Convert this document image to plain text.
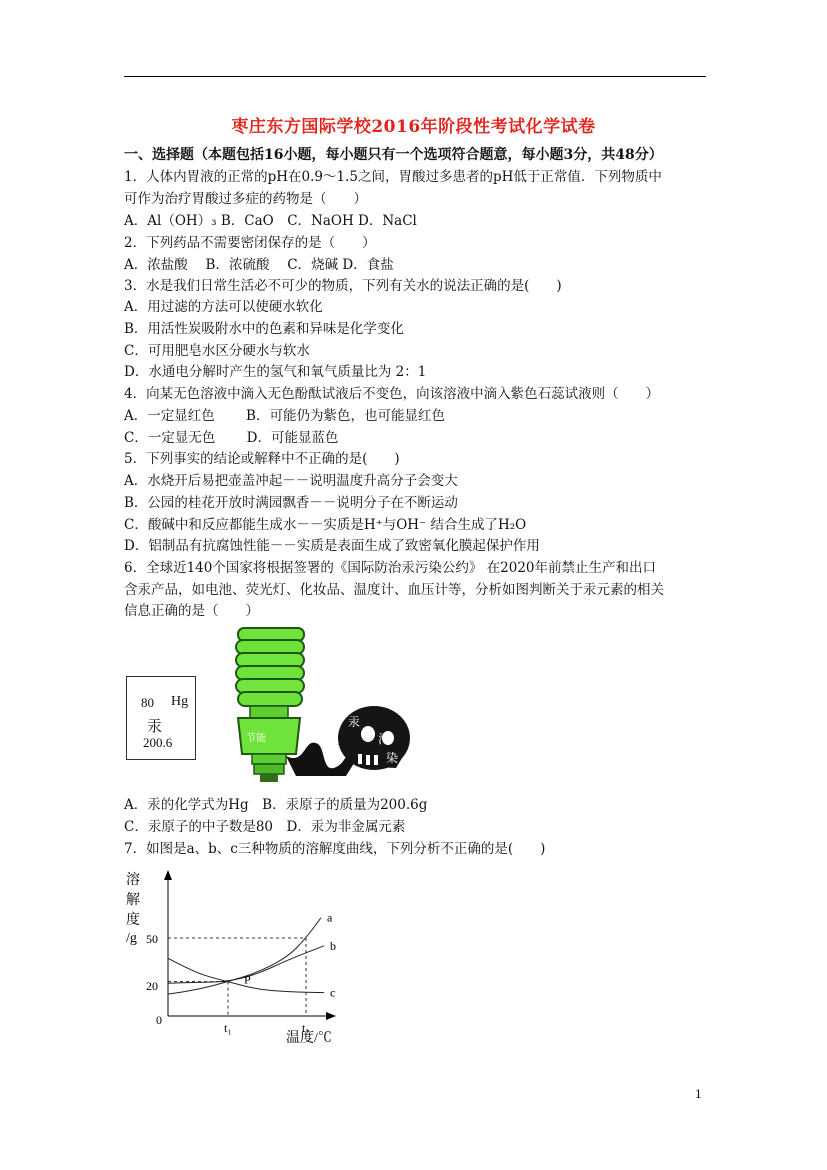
枣庄东方国际学校2016年阶段性考试化学试卷
一、选择题（本题包括16小题，每小题只有一个选项符合题意，每小题3分，共48分）
1．人体内胃液的正常的pH在0.9～1.5之间，胃酸过多患者的pH低于正常值．下列物质中
可作为治疗胃酸过多症的药物是（　　）
A．Al（OH）₃ B．CaO　C．NaOH D．NaCl
2．下列药品不需要密闭保存的是（　　）
A．浓盐酸　 B．浓硫酸　 C．烧碱 D．食盐
3．水是我们日常生活必不可少的物质，下列有关水的说法正确的是(　　)
A．用过滤的方法可以使硬水软化
B．用活性炭吸附水中的色素和异味是化学变化
C．可用肥皂水区分硬水与软水
D．水通电分解时产生的氢气和氧气质量比为 2：1
4．向某无色溶液中滴入无色酚酞试液后不变色，向该溶液中滴入紫色石蕊试液则（　　）
A．一定显红色　　 B．可能仍为紫色，也可能显红色
C．一定显无色　　 D．可能显蓝色
5．下列事实的结论或解释中不正确的是(　　)
A．水烧开后易把壶盖冲起－－说明温度升高分子会变大
B．公园的桂花开放时满园飘香－－说明分子在不断运动
C．酸碱中和反应都能生成水－－实质是H⁺与OH⁻ 结合生成了H₂O
D．铝制品有抗腐蚀性能－－实质是表面生成了致密氧化膜起保护作用
6．全球近140个国家将根据签署的《国际防治汞污染公约》 在2020年前禁止生产和出口
含汞产品，如电池、荧光灯、化妆品、温度计、血压计等，分析如图判断关于汞元素的相关
信息正确的是（　　）
80 Hg
汞
200.6	节能
汞
污
染
A．汞的化学式为Hg　B．汞原子的质量为200.6g
C．汞原子的中子数是80　D．汞为非金属元素
7．如图是a、b、c三种物质的溶解度曲线，下列分析不正确的是(　　)
溶
解
度
/g
0
温度/℃
20
50
t₁	t₂
a
b
c
P
1
